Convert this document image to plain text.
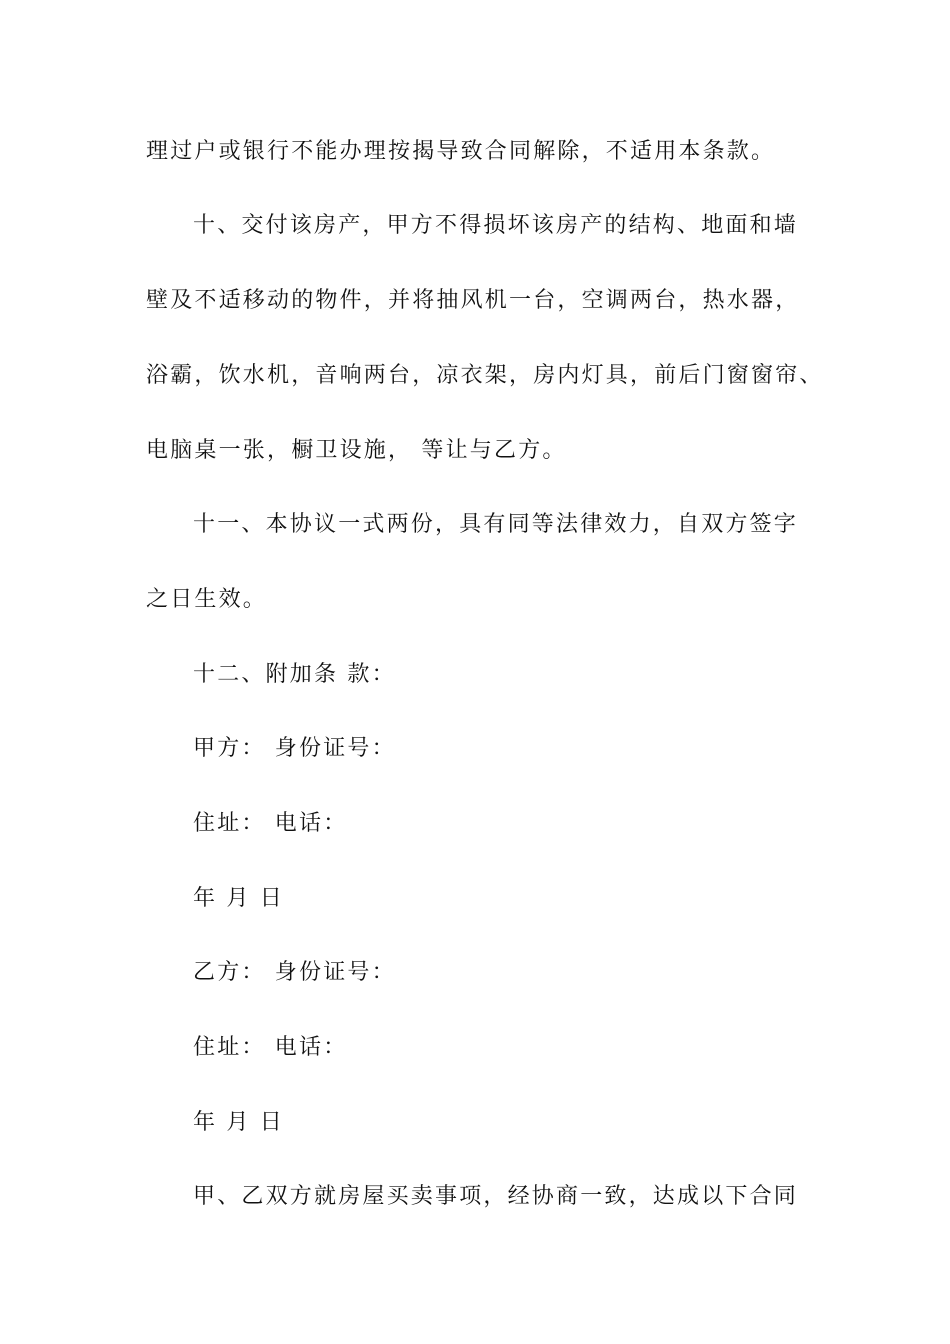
理过户或银行不能办理按揭导致合同解除，不适用本条款。
十、交付该房产，甲方不得损坏该房产的结构、地面和墙
壁及不适移动的物件，并将抽风机一台，空调两台，热水器，
浴霸，饮水机，音响两台，凉衣架，房内灯具，前后门窗窗帘、
电脑桌一张，橱卫设施， 等让与乙方。
十一、本协议一式两份，具有同等法律效力，自双方签字
之日生效。
十二、附加条 款：
甲方： 身份证号：
住址： 电话：
年 月 日
乙方： 身份证号：
住址： 电话：
年 月 日
甲、乙双方就房屋买卖事项，经协商一致，达成以下合同
